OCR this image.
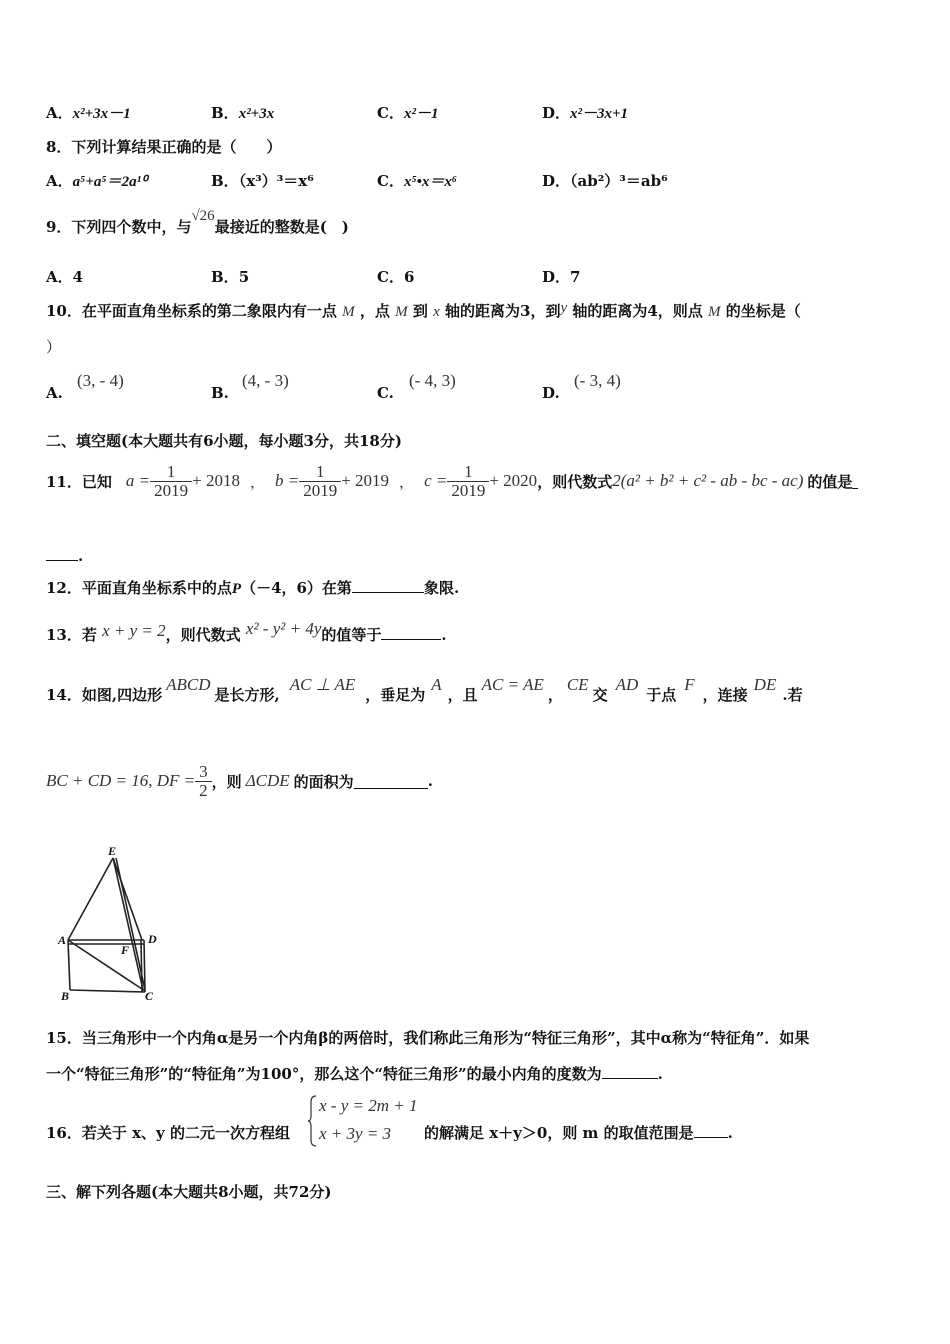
A．x²+3x－1	B．x²+3x	C．x²－1	D．x²－3x+1
8．下列计算结果正确的是（　　）
A．a⁵+a⁵＝2a¹⁰	B．（x³）³＝x⁶	C．x⁵•x＝x⁶	D．（ab²）³＝ab⁶
9．下列四个数中，与√26最接近的整数是(　)
A．4	B．5	C．6	D．7
10．在平面直角坐标系的第二象限内有一点 M ，点 M 到 x 轴的距离为3，到y 轴的距离为4，则点 M 的坐标是（
）
A.
(3, - 4)
B.
(4, - 3)
C.
(- 4, 3)
D.
(- 3, 4)
二、填空题(本大题共有6小题，每小题3分，共18分)
11．已知 $a = \frac{1}{2019} + 2018$ ， $b = \frac{1}{2019} + 2019$ ， $c = \frac{1}{2019} + 2020$ ，则代数式 2(a² + b² + c² - ab - bc - ac) 的值是
.
12．平面直角坐标系中的点P（－4，6）在第	象限.
13．若 x + y = 2，则代数式 x² - y² + 4y的值等于	.
14．如图,四边形ABCD是长方形,AC ⊥ AE，垂足为A，且AC = AE，CE交AD于点F，连接DE.若
BC + CD = 16, DF = $\frac{3}{2}$ ，则 ΔCDE 的面积为	.
E
A	D
F
B	C
15．当三角形中一个内角α是另一个内角β的两倍时，我们称此三角形为“特征三角形”，其中α称为“特征角”．如果
一个“特征三角形”的“特征角”为100°，那么这个“特征三角形”的最小内角的度数为	.
16．若关于 x、y 的二元一次方程组
x - y = 2m + 1
x + 3y = 3 的解满足 x＋y＞0，则 m 的取值范围是 .
三、解下列各题(本大题共8小题，共72分)
